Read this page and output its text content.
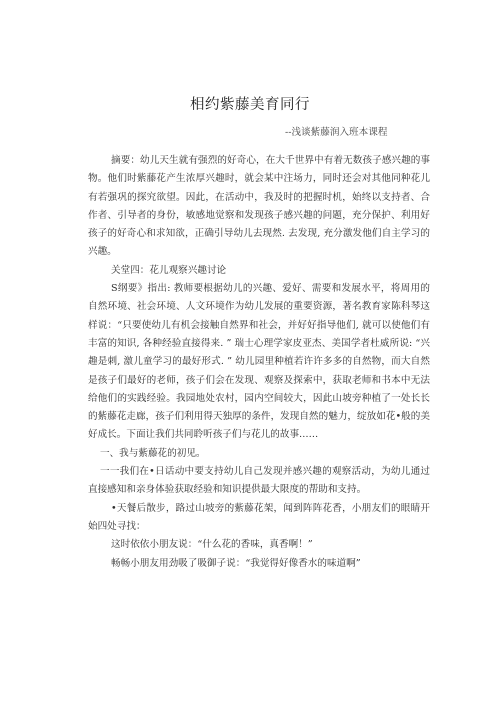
相约紫藤美育同行
--浅谈紫藤润入班本课程

摘要：幼儿天生就有强烈的好奇心，在大千世界中有着无数孩子感兴趣的事物。他们时紫藤花产生浓厚兴趣时，就会某中注场力，同时还会对其他同种花儿有若强巩的探究欲望。因此，在活动中，我及时的把握时机，始终以支持者、合作者、引导者的身份，敏感地觉察和发现孩子感兴趣的问题，充分保护、利用好孩子的好奇心和求知欲，正确引导幼儿去现然. 去发现, 充分激发他们自主学习的兴趣。

关堂四：花儿观察兴趣讨论

S纲要》指出: 教师要根据幼儿的兴趣、爱好、需要和发展水平，将周用的自然环境、社会环境、人文环境作为幼儿发展的重要资源，著名教育家陈科琴这样说：“只要使幼儿有机会接触自然界和社会，并好好指导他们, 就可以使他们有丰富的知识, 各种经验直接得来. ” 瑞士心理学家皮亚杰、美国学者杜威所说: “兴趣是刺, 激儿童学习的最好形式. ” 幼儿园里种植若许许多多的自然物，而大自然是孩子们最好的老师，孩子们会在发现、观察及探索中，获取老师和书本中无法给他们的实践经验。我园地处农村，园内空间较大，因此山坡旁种植了一处长长的紫藤花走廊，孩子们利用得天独厚的条件，发现自然的魅力，绽放如花•般的美好成长。下面让我们共同聆听孩子们与花儿的故事……

一、我与紫藤花的初见。

一一我们在•日话动中要支持幼儿自己发现并感兴趣的观察活动，为幼儿通过直接感知和亲身体验获取经验和知识提供最大限度的帮助和支持。

•天餐后散步，路过山坡旁的紫藤花架，闻到阵阵花香，小朋友们的眼睛开始四处寻找：

这时依依小朋友说：“什么花的香味，真香啊！”

畅畅小朋友用劲吸了吸御子说：“我觉得好像香水的味道啊”
